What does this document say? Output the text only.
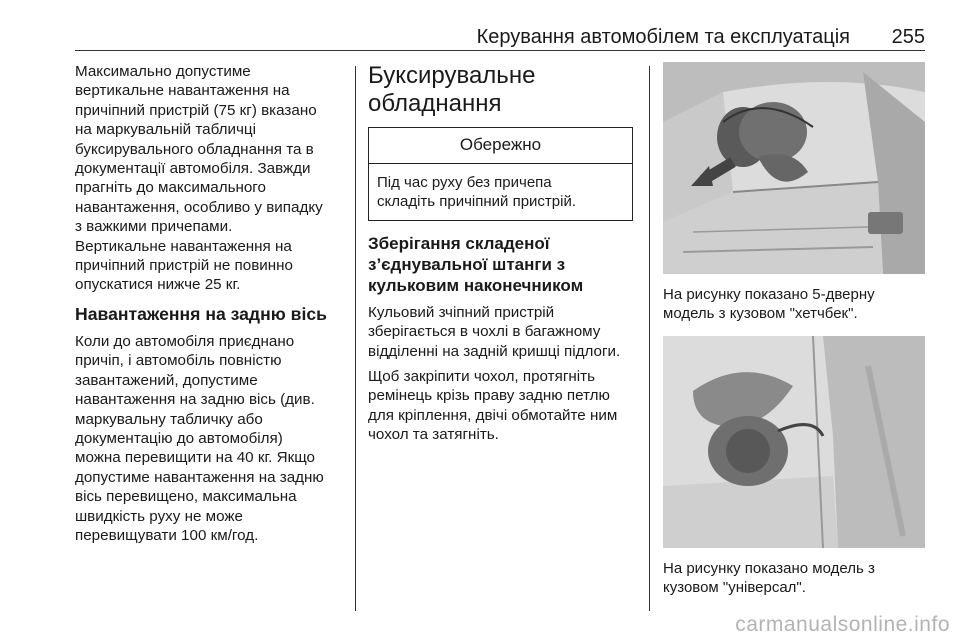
Керування автомобілем та експлуатація 255

Максимально допустиме
вертикальне навантаження на
причіпний пристрій (75 кг) вказано
на маркувальній табличці
буксирувального обладнання та в
документації автомобіля. Завжди
прагніть до максимального
навантаження, особливо у випадку
з важкими причепами.

Вертикальне навантаження на
причіпний пристрій не повинно
опускатися нижче 25 кг.

Навантаження на задню вісь

Коли до автомобіля приєднано
причіп, і автомобіль повністю
завантажений, допустиме
навантаження на задню вісь (див.
маркувальну табличку або
документацію до автомобіля)
можна перевищити на 40 кг. Якщо
допустиме навантаження на задню
вісь перевищено, максимальна
швидкість руху не може
перевищувати 100 км/год.

Буксирувальне обладнання
Обережно
Під час руху без причепа
складіть причіпний пристрій.
Зберігання складеної
з’єднувальної штанги з
кульковим наконечником

Кульовий зчіпний пристрій
зберігається в чохлі в багажному
відділенні на задній кришці підлоги.

Щоб закріпити чохол, протягніть
ремінець крізь праву задню петлю
для кріплення, двічі обмотайте ним
чохол та затягніть.

На рисунку показано 5-дверну
модель з кузовом "хетчбек".
На рисунку показано модель з
кузовом "універсал".
carmanualsonline.info
